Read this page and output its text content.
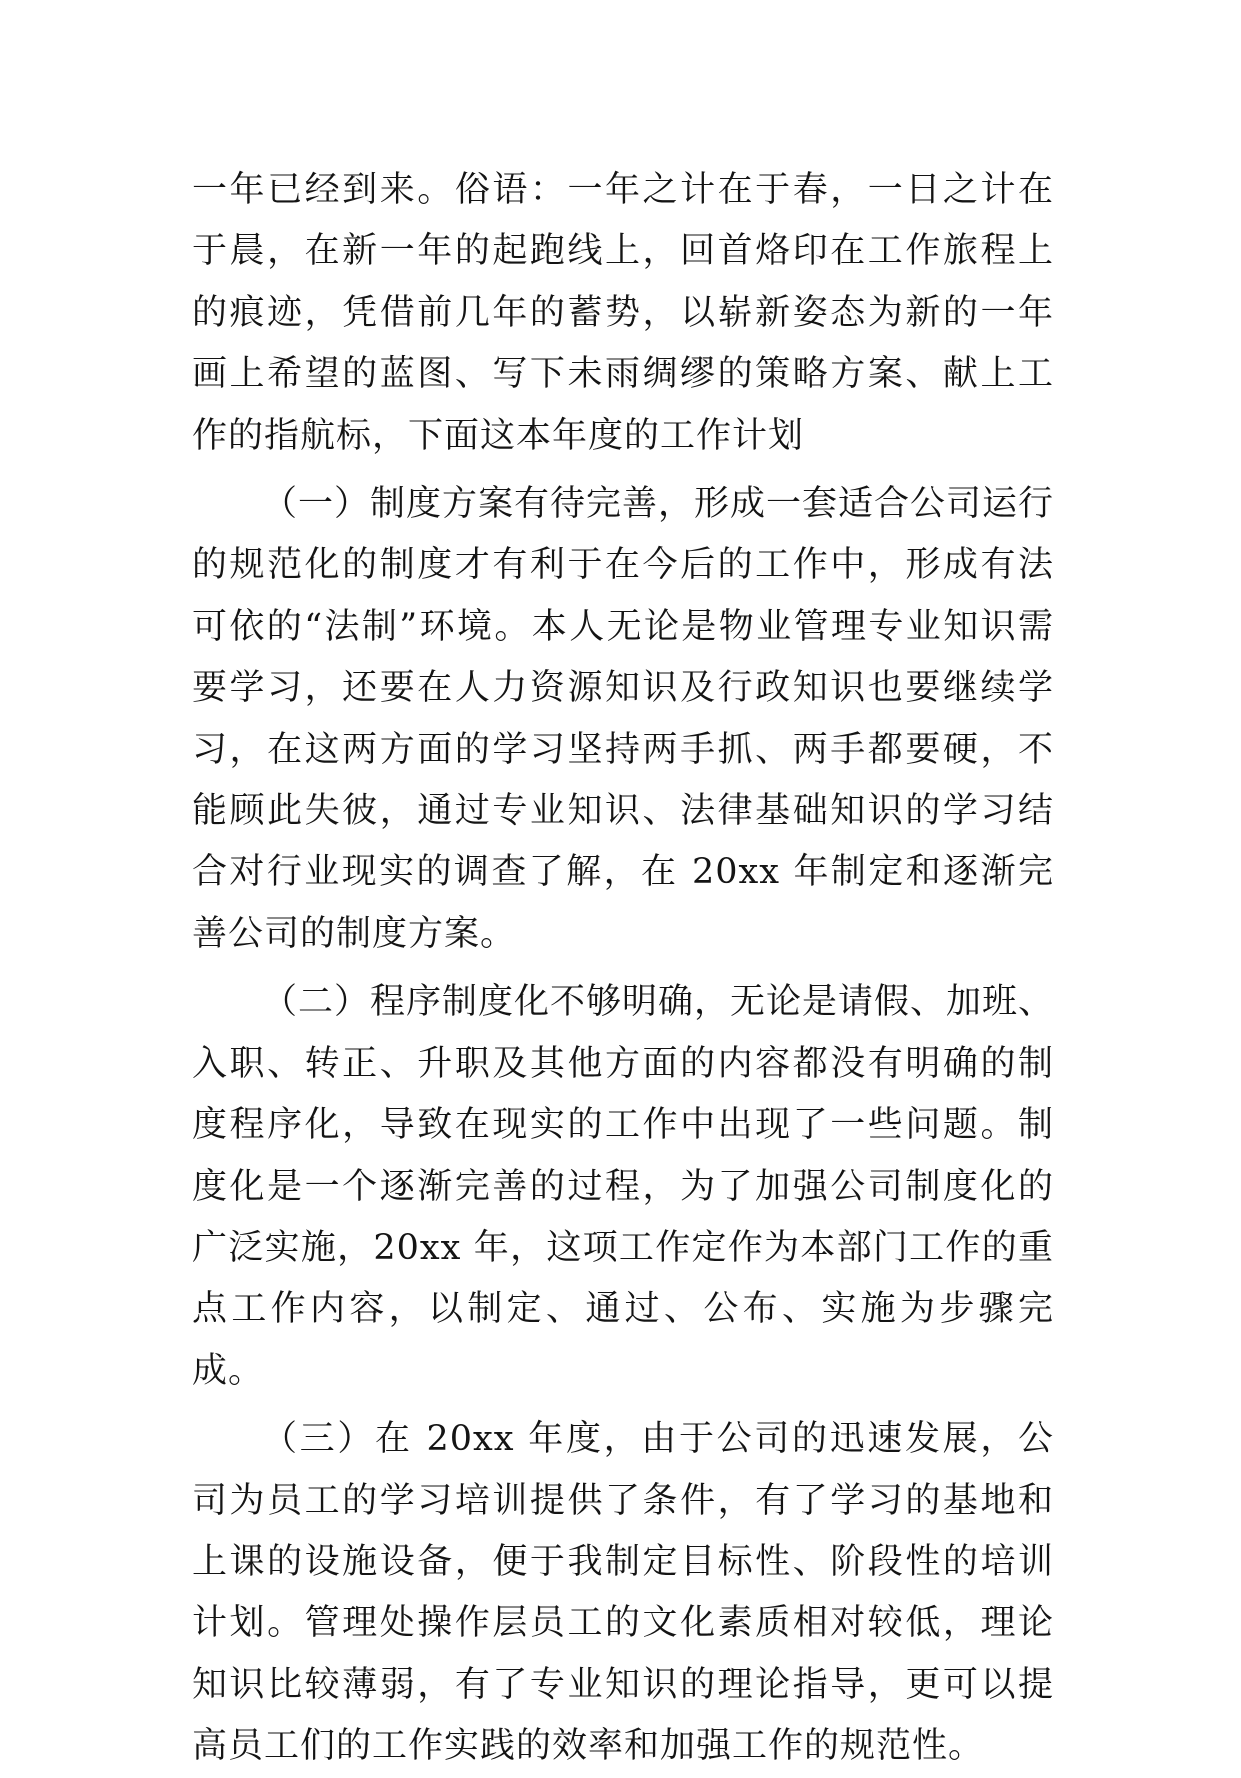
一年已经到来。俗语：一年之计在于春，一日之计在于晨，在新一年的起跑线上，回首烙印在工作旅程上的痕迹，凭借前几年的蓄势，以崭新姿态为新的一年画上希望的蓝图、写下未雨绸缪的策略方案、献上工作的指航标，下面这本年度的工作计划

（一）制度方案有待完善，形成一套适合公司运行的规范化的制度才有利于在今后的工作中，形成有法可依的“法制”环境。本人无论是物业管理专业知识需要学习，还要在人力资源知识及行政知识也要继续学习，在这两方面的学习坚持两手抓、两手都要硬，不能顾此失彼，通过专业知识、法律基础知识的学习结合对行业现实的调查了解，在 20xx 年制定和逐渐完善公司的制度方案。

（二）程序制度化不够明确，无论是请假、加班、入职、转正、升职及其他方面的内容都没有明确的制度程序化，导致在现实的工作中出现了一些问题。制度化是一个逐渐完善的过程，为了加强公司制度化的广泛实施，20xx 年，这项工作定作为本部门工作的重点工作内容，以制定、通过、公布、实施为步骤完成。

（三）在 20xx 年度，由于公司的迅速发展，公司为员工的学习培训提供了条件，有了学习的基地和上课的设施设备，便于我制定目标性、阶段性的培训计划。管理处操作层员工的文化素质相对较低，理论知识比较薄弱，有了专业知识的理论指导，更可以提高员工们的工作实践的效率和加强工作的规范性。
